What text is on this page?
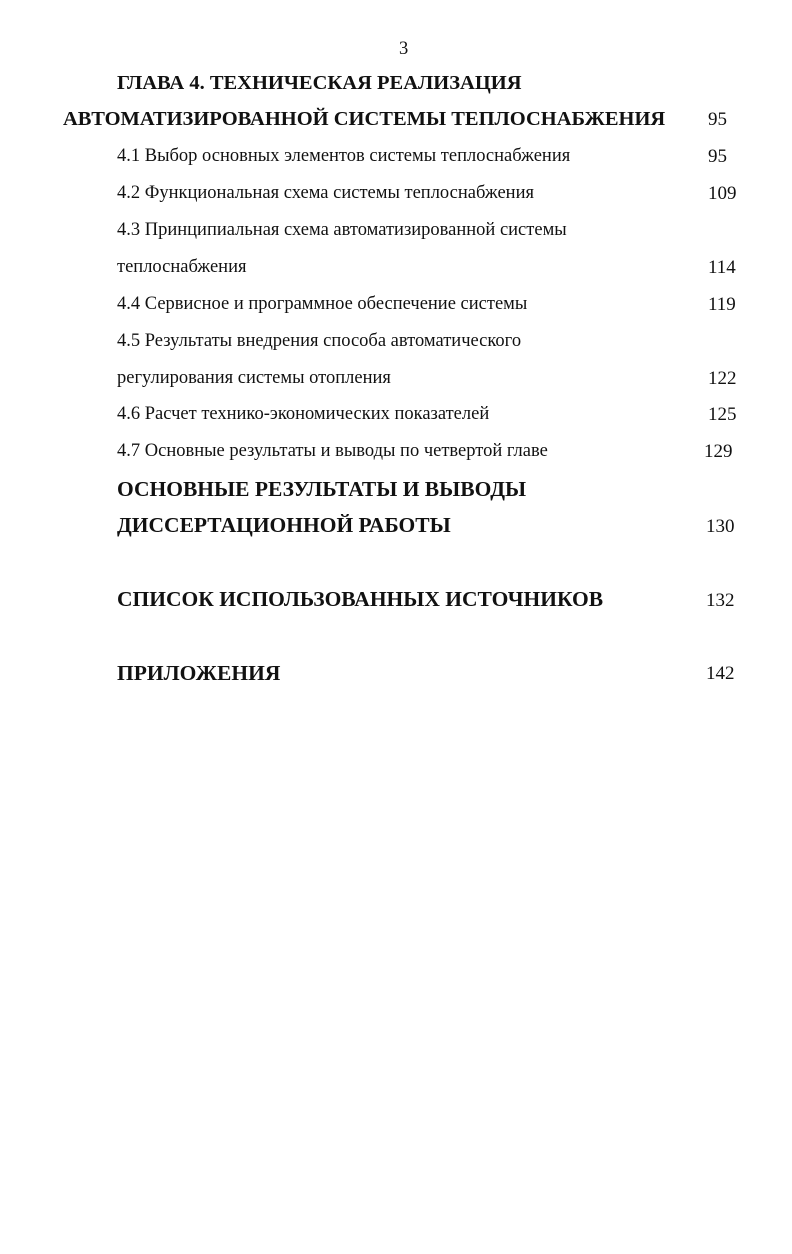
3
ГЛАВА 4. ТЕХНИЧЕСКАЯ РЕАЛИЗАЦИЯ
АВТОМАТИЗИРОВАННОЙ СИСТЕМЫ ТЕПЛОСНАБЖЕНИЯ 95
4.1 Выбор основных элементов системы теплоснабжения	95
4.2 Функциональная схема системы теплоснабжения	109
4.3 Принципиальная схема автоматизированной системы
теплоснабжения	114
4.4 Сервисное и программное обеспечение системы	119
4.5 Результаты внедрения способа автоматического
регулирования системы отопления	122
4.6 Расчет технико-экономических показателей	125
4.7 Основные результаты и выводы по четвертой главе	129
ОСНОВНЫЕ РЕЗУЛЬТАТЫ И ВЫВОДЫ
ДИССЕРТАЦИОННОЙ РАБОТЫ	130
СПИСОК ИСПОЛЬЗОВАННЫХ ИСТОЧНИКОВ	132
ПРИЛОЖЕНИЯ	142
